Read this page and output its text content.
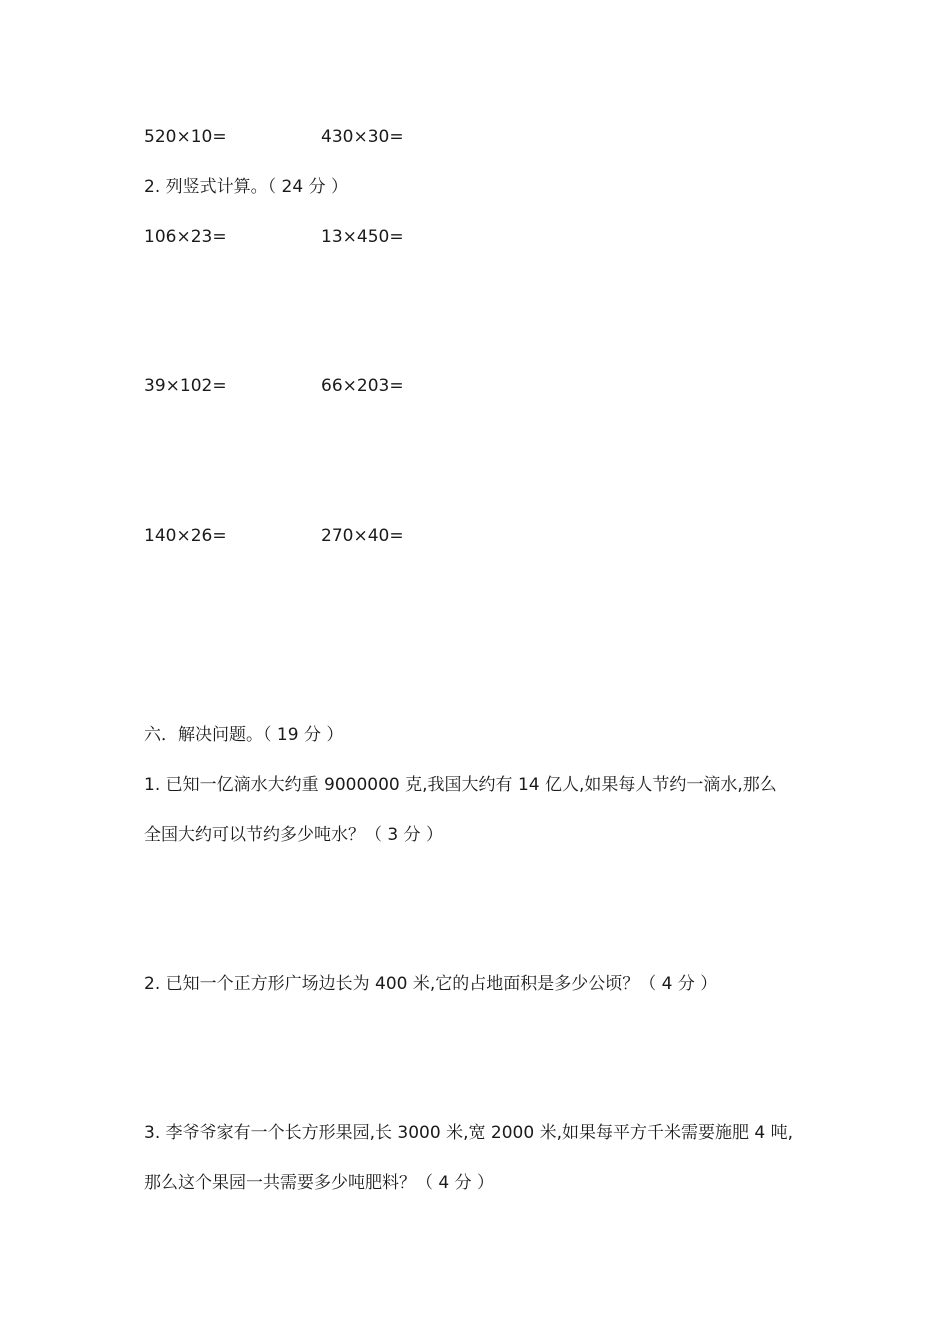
520×10=	430×30=
2. 列竖式计算。（ 24 分 ）
106×23=	13×450=
39×102=	66×203=
140×26=	270×40=
六．解决问题。（ 19 分 ）
1. 已知一亿滴水大约重 9000000 克,我国大约有 14 亿人,如果每人节约一滴水,那么
全国大约可以节约多少吨水？（ 3 分 ）
2. 已知一个正方形广场边长为 400 米,它的占地面积是多少公顷？（ 4 分 ）
3. 李爷爷家有一个长方形果园,长 3000 米,宽 2000 米,如果每平方千米需要施肥 4 吨,
那么这个果园一共需要多少吨肥料？（ 4 分 ）
